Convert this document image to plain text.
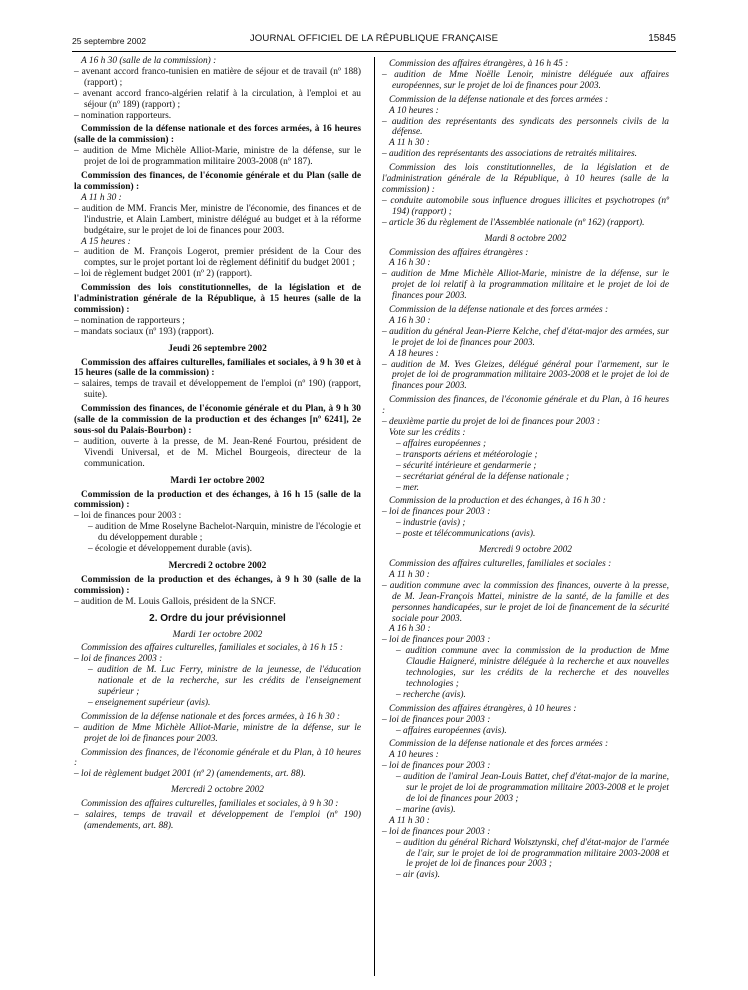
25 septembre 2002	JOURNAL OFFICIEL DE LA RÉPUBLIQUE FRANÇAISE	15845

A 16 h 30 (salle de la commission) :

– avenant accord franco-tunisien en matière de séjour et de travail (nº 188) (rapport) ;

– avenant accord franco-algérien relatif à la circulation, à l'emploi et au séjour (nº 189) (rapport) ;

– nomination rapporteurs.

Commission de la défense nationale et des forces armées, à 16 heures (salle de la commission) :

– audition de Mme Michèle Alliot-Marie, ministre de la défense, sur le projet de loi de programmation militaire 2003-2008 (nº 187).

Commission des finances, de l'économie générale et du Plan (salle de la commission) :

A 11 h 30 :

– audition de MM. Francis Mer, ministre de l'économie, des finances et de l'industrie, et Alain Lambert, ministre délégué au budget et à la réforme budgétaire, sur le projet de loi de finances pour 2003.

A 15 heures :

– audition de M. François Logerot, premier président de la Cour des comptes, sur le projet portant loi de règlement définitif du budget 2001 ;

– loi de règlement budget 2001 (nº 2) (rapport).

Commission des lois constitutionnelles, de la législation et de l'administration générale de la République, à 15 heures (salle de la commission) :

– nomination de rapporteurs ;

– mandats sociaux (nº 193) (rapport).

Jeudi 26 septembre 2002

Commission des affaires culturelles, familiales et sociales, à 9 h 30 et à 15 heures (salle de la commission) :

– salaires, temps de travail et développement de l'emploi (nº 190) (rapport, suite).

Commission des finances, de l'économie générale et du Plan, à 9 h 30 (salle de la commission de la production et des échanges [nº 6241], 2e sous-sol du Palais-Bourbon) :

– audition, ouverte à la presse, de M. Jean-René Fourtou, président de Vivendi Universal, et de M. Michel Bourgeois, directeur de la communication.

Mardi 1er octobre 2002

Commission de la production et des échanges, à 16 h 15 (salle de la commission) :

– loi de finances pour 2003 :

– audition de Mme Roselyne Bachelot-Narquin, ministre de l'écologie et du développement durable ;

– écologie et développement durable (avis).

Mercredi 2 octobre 2002

Commission de la production et des échanges, à 9 h 30 (salle de la commission) :

– audition de M. Louis Gallois, président de la SNCF.

2. Ordre du jour prévisionnel

Mardi 1er octobre 2002

Commission des affaires culturelles, familiales et sociales, à 16 h 15 :

– loi de finances 2003 :

– audition de M. Luc Ferry, ministre de la jeunesse, de l'éducation nationale et de la recherche, sur les crédits de l'enseignement supérieur ;

– enseignement supérieur (avis).

Commission de la défense nationale et des forces armées, à 16 h 30 :

– audition de Mme Michèle Alliot-Marie, ministre de la défense, sur le projet de loi de finances pour 2003.

Commission des finances, de l'économie générale et du Plan, à 10 heures :

– loi de règlement budget 2001 (nº 2) (amendements, art. 88).

Mercredi 2 octobre 2002

Commission des affaires culturelles, familiales et sociales, à 9 h 30 :

– salaires, temps de travail et développement de l'emploi (nº 190) (amendements, art. 88).

Commission des affaires étrangères, à 16 h 45 :

– audition de Mme Noëlle Lenoir, ministre déléguée aux affaires européennes, sur le projet de loi de finances pour 2003.

Commission de la défense nationale et des forces armées :

A 10 heures :

– audition des représentants des syndicats des personnels civils de la défense.

A 11 h 30 :

– audition des représentants des associations de retraités militaires.

Commission des lois constitutionnelles, de la législation et de l'administration générale de la République, à 10 heures (salle de la commission) :

– conduite automobile sous influence drogues illicites et psychotropes (nº 194) (rapport) ;

– article 36 du règlement de l'Assemblée nationale (nº 162) (rapport).

Mardi 8 octobre 2002

Commission des affaires étrangères :

A 16 h 30 :

– audition de Mme Michèle Alliot-Marie, ministre de la défense, sur le projet de loi relatif à la programmation militaire et le projet de loi de finances pour 2003.

Commission de la défense nationale et des forces armées :

A 16 h 30 :

– audition du général Jean-Pierre Kelche, chef d'état-major des armées, sur le projet de loi de finances pour 2003.

A 18 heures :

– audition de M. Yves Gleizes, délégué général pour l'armement, sur le projet de loi de programmation militaire 2003-2008 et le projet de loi de finances pour 2003.

Commission des finances, de l'économie générale et du Plan, à 16 heures :

– deuxième partie du projet de loi de finances pour 2003 :

Vote sur les crédits :

– affaires européennes ;

– transports aériens et météorologie ;

– sécurité intérieure et gendarmerie ;

– secrétariat général de la défense nationale ;

– mer.

Commission de la production et des échanges, à 16 h 30 :

– loi de finances pour 2003 :

– industrie (avis) ;

– poste et télécommunications (avis).

Mercredi 9 octobre 2002

Commission des affaires culturelles, familiales et sociales :

A 11 h 30 :

– audition commune avec la commission des finances, ouverte à la presse, de M. Jean-François Mattei, ministre de la santé, de la famille et des personnes handicapées, sur le projet de loi de financement de la sécurité sociale pour 2003.

A 16 h 30 :

– loi de finances pour 2003 :

– audition commune avec la commission de la production de Mme Claudie Haigneré, ministre déléguée à la recherche et aux nouvelles technologies, sur les crédits de la recherche et des nouvelles technologies ;

– recherche (avis).

Commission des affaires étrangères, à 10 heures :

– loi de finances pour 2003 :

– affaires européennes (avis).

Commission de la défense nationale et des forces armées :

A 10 heures :

– loi de finances pour 2003 :

– audition de l'amiral Jean-Louis Battet, chef d'état-major de la marine, sur le projet de loi de programmation militaire 2003-2008 et le projet de loi de finances pour 2003 ;

– marine (avis).

A 11 h 30 :

– loi de finances pour 2003 :

– audition du général Richard Wolsztynski, chef d'état-major de l'armée de l'air, sur le projet de loi de programmation militaire 2003-2008 et le projet de loi de finances pour 2003 ;

– air (avis).
